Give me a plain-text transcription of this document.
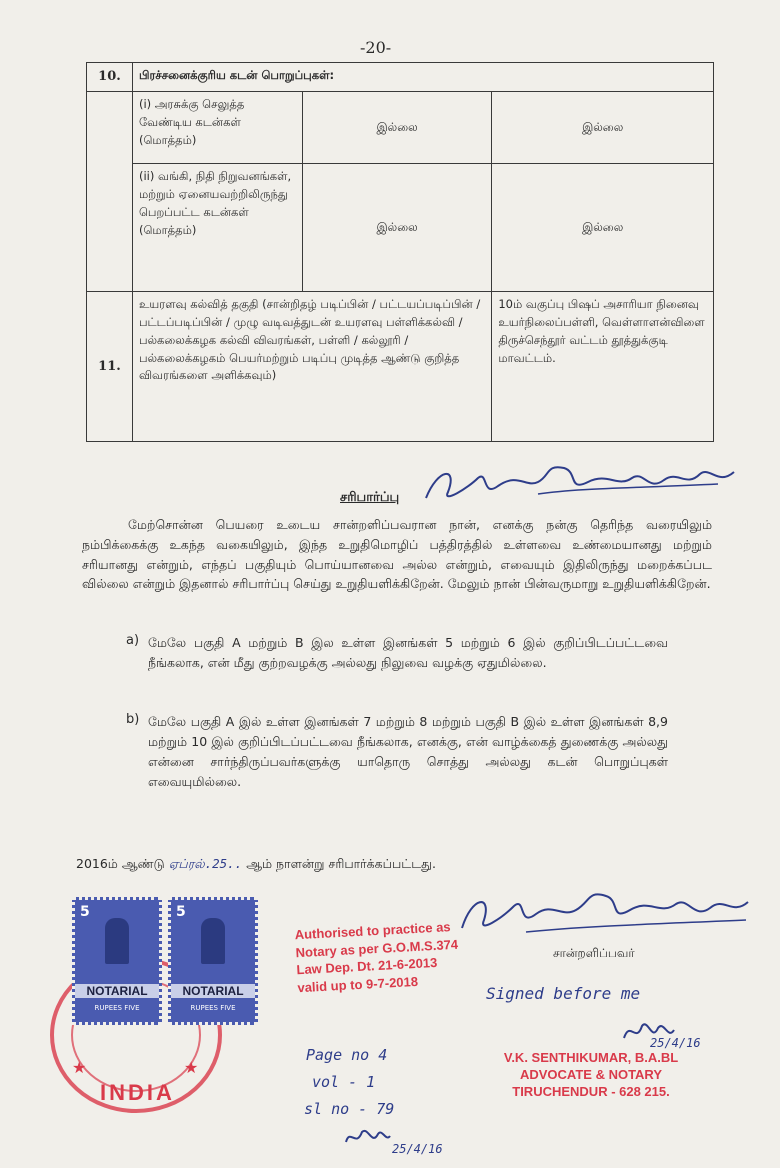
-20-
10.	பிரச்சனைக்குரிய கடன் பொறுப்புகள்:		
	(i) அரசுக்கு செலுத்த வேண்டிய கடன்கள் (மொத்தம்)	இல்லை	இல்லை
	(ii) வங்கி, நிதி நிறுவனங்கள், மற்றும் ஏனையவற்றிலிருந்து பெறப்பட்ட கடன்கள் (மொத்தம்)	இல்லை	இல்லை
11.	உயரளவு கல்வித் தகுதி (சான்றிதழ் படிப்பின் / பட்டயப்படிப்பின் / பட்டப்படிப்பின் / முழு வடிவத்துடன் உயரளவு பள்ளிக்கல்வி / பல்கலைக்கழக கல்வி விவரங்கள், பள்ளி / கல்லூரி / பல்கலைக்கழகம் பெயர்மற்றும் படிப்பு முடித்த ஆண்டு குறித்த விவரங்களை அளிக்கவும்)		10ம் வகுப்பு பிஷப் அசாரியா நினைவு உயர்நிலைப்பள்ளி, வெள்ளாளன்விளை திருச்செந்தூர் வட்டம் தூத்துக்குடி மாவட்டம்.
சரிபார்ப்பு
மேற்சொன்ன பெயரை உடைய சான்றளிப்பவரான நான், எனக்கு நன்கு தெரிந்த வரையிலும் நம்பிக்கைக்கு உகந்த வகையிலும், இந்த உறுதிமொழிப் பத்திரத்தில் உள்ளவை உண்மையானது மற்றும் சரியானது என்றும், எந்தப் பகுதியும் பொய்யானவை அல்ல என்றும், எவையும் இதிலிருந்து மறைக்கப்பட வில்லை என்றும் இதனால் சரிபார்ப்பு செய்து உறுதியளிக்கிறேன். மேலும் நான் பின்வருமாறு உறுதியளிக்கிறேன்.
a) மேலே பகுதி A மற்றும் B இல உள்ள இனங்கள் 5 மற்றும் 6 இல் குறிப்பிடப்பட்டவை நீங்கலாக, என் மீது குற்றவழக்கு அல்லது நிலுவை வழக்கு ஏதுமில்லை.
b) மேலே பகுதி A இல் உள்ள இனங்கள் 7 மற்றும் 8 மற்றும் பகுதி B இல் உள்ள இனங்கள் 8,9 மற்றும் 10 இல் குறிப்பிடப்பட்டவை நீங்கலாக, எனக்கு, என் வாழ்க்கைத் துணைக்கு அல்லது என்னை சார்ந்திருப்பவர்களுக்கு யாதொரு சொத்து அல்லது கடன் பொறுப்புகள் எவையுமில்லை.
2016ம் ஆண்டு ஏப்ரல்.25.. ஆம் நாளன்று சரிபார்க்கப்பட்டது.
சான்றளிப்பவர்
★	★
INDIA
5
NOTARIAL
RUPEES FIVE
5
NOTARIAL
RUPEES FIVE
Authorised to practice as
Notary as per G.O.M.S.374
Law Dep. Dt. 21-6-2013
valid up to 9-7-2018	Signed before me
25/4/16
V.K. SENTHIKUMAR, B.A.BL
ADVOCATE & NOTARY
TIRUCHENDUR - 628 215.
Page no 4
vol - 1
sl no - 79
25/4/16
